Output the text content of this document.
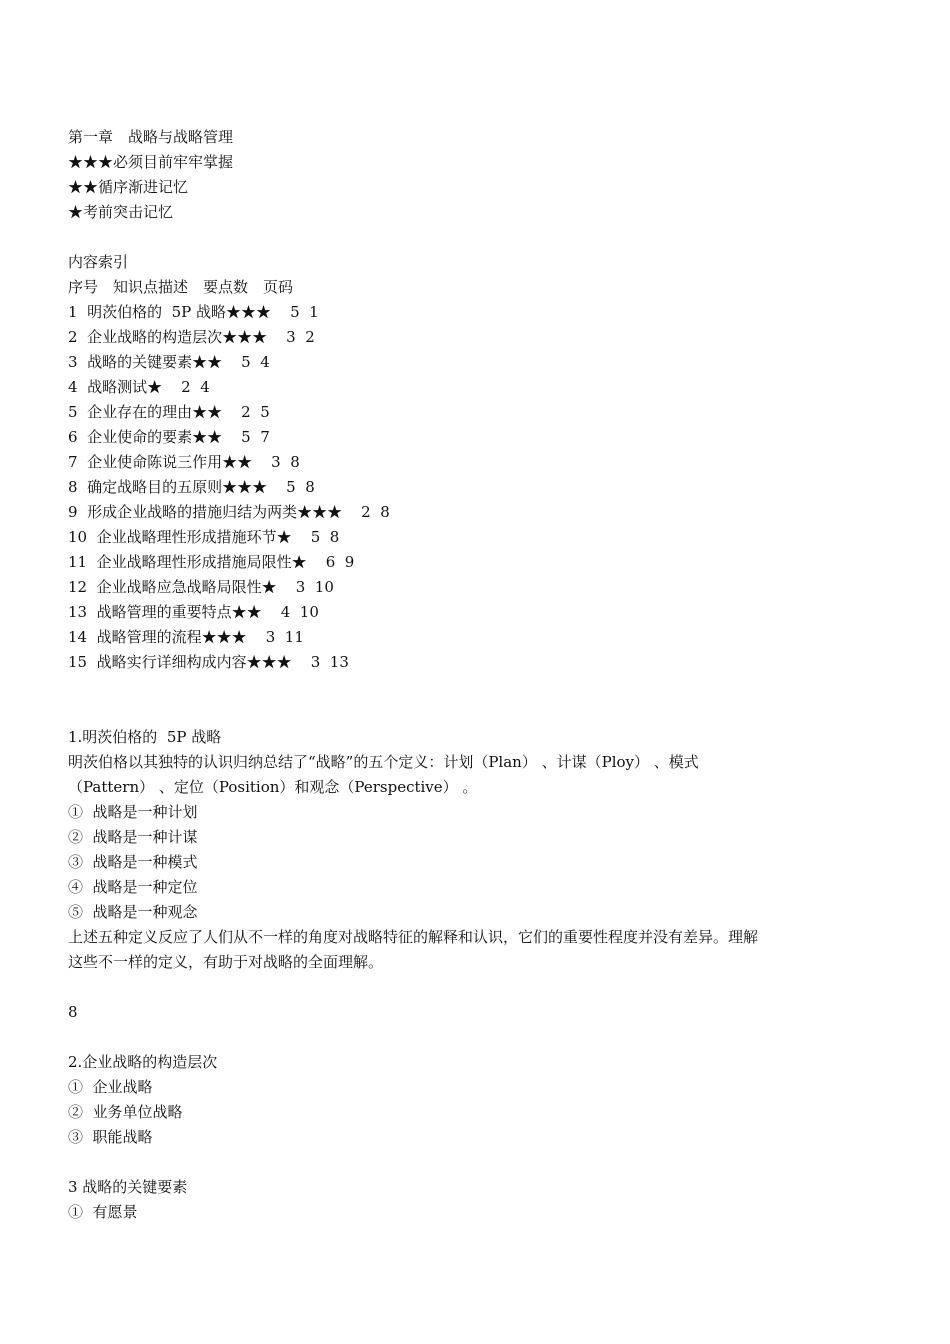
第一章　战略与战略管理
★★★必须目前牢牢掌握
★★循序渐进记忆
★考前突击记忆
内容索引
序号　知识点描述　要点数　页码
1  明茨伯格的  5P 战略★★★    5  1
2  企业战略的构造层次★★★    3  2
3  战略的关键要素★★    5  4
4  战略测试★    2  4
5  企业存在的理由★★    2  5
6  企业使命的要素★★    5  7
7  企业使命陈说三作用★★    3  8
8  确定战略目的五原则★★★    5  8
9  形成企业战略的措施归结为两类★★★    2  8
10  企业战略理性形成措施环节★    5  8
11  企业战略理性形成措施局限性★    6  9
12  企业战略应急战略局限性★    3  10
13  战略管理的重要特点★★    4  10
14  战略管理的流程★★★    3  11
15  战略实行详细构成内容★★★    3  13
1.明茨伯格的  5P 战略
明茨伯格以其独特的认识归纳总结了“战略”的五个定义：计划（Plan） 、计谋（Ploy） 、模式（Pattern） 、定位（Position）和观念（Perspective） 。
①  战略是一种计划
②  战略是一种计谋
③  战略是一种模式
④  战略是一种定位
⑤  战略是一种观念
上述五种定义反应了人们从不一样的角度对战略特征的解释和认识，它们的重要性程度并没有差异。理解这些不一样的定义，有助于对战略的全面理解。
8
2.企业战略的构造层次
①  企业战略
②  业务单位战略
③  职能战略
3 战略的关键要素
①  有愿景
